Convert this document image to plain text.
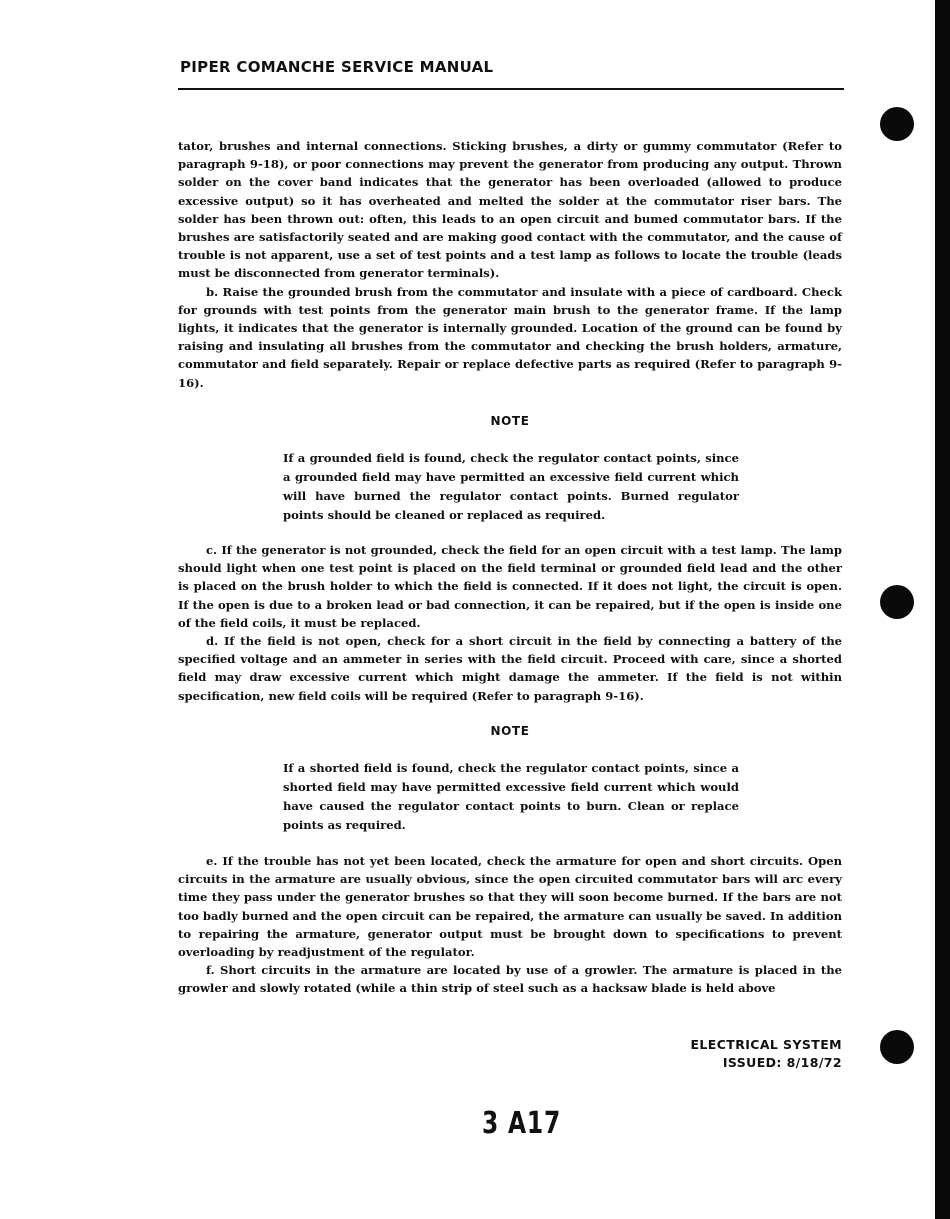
PIPER COMANCHE SERVICE MANUAL

tator, brushes and internal connections. Sticking brushes, a dirty or gummy commutator (Refer to paragraph 9-18), or poor connections may prevent the generator from producing any output. Thrown solder on the cover band indicates that the generator has been overloaded (allowed to produce excessive output) so it has overheated and melted the solder at the commutator riser bars. The solder has been thrown out: often, this leads to an open circuit and bumed commutator bars. If the brushes are satisfactorily seated and are making good contact with the commutator, and the cause of trouble is not apparent, use a set of test points and a test lamp as follows to locate the trouble (leads must be disconnected from generator terminals).

b. Raise the grounded brush from the commutator and insulate with a piece of cardboard. Check for grounds with test points from the generator main brush to the generator frame. If the lamp lights, it indicates that the generator is internally grounded. Location of the ground can be found by raising and insulating all brushes from the commutator and checking the brush holders, armature, commutator and field separately. Repair or replace defective parts as required (Refer to paragraph 9-16).

NOTE
If a grounded field is found, check the regulator contact points, since a grounded field may have permitted an excessive field current which will have burned the regulator contact points. Burned regulator points should be cleaned or replaced as required.

c. If the generator is not grounded, check the field for an open circuit with a test lamp. The lamp should light when one test point is placed on the field terminal or grounded field lead and the other is placed on the brush holder to which the field is connected. If it does not light, the circuit is open. If the open is due to a broken lead or bad connection, it can be repaired, but if the open is inside one of the field coils, it must be replaced.

d. If the field is not open, check for a short circuit in the field by connecting a battery of the specified voltage and an ammeter in series with the field circuit. Proceed with care, since a shorted field may draw excessive current which might damage the ammeter. If the field is not within specification, new field coils will be required (Refer to paragraph 9-16).

NOTE
If a shorted field is found, check the regulator contact points, since a shorted field may have permitted excessive field current which would have caused the regulator contact points to burn. Clean or replace points as required.

e. If the trouble has not yet been located, check the armature for open and short circuits. Open circuits in the armature are usually obvious, since the open circuited commutator bars will arc every time they pass under the generator brushes so that they will soon become burned. If the bars are not too badly burned and the open circuit can be repaired, the armature can usually be saved. In addition to repairing the armature, generator output must be brought down to specifications to prevent overloading by readjustment of the regulator.

f. Short circuits in the armature are located by use of a growler. The armature is placed in the growler and slowly rotated (while a thin strip of steel such as a hacksaw blade is held above

ELECTRICAL SYSTEM
ISSUED: 8/18/72
3 A17
